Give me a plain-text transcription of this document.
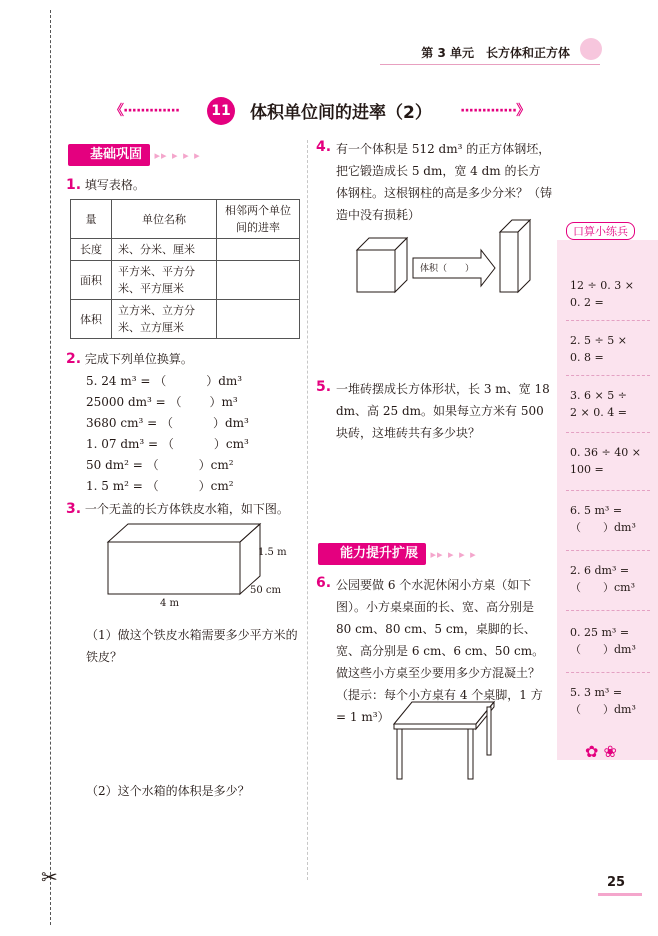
✂
第 3 单元 长方体和正方体
《·············	11 体积单位间的进率（2） ·············》
基础巩固 ▸▸ ▸ ▸ ▸
1. 填写表格。
量	单位名称	相邻两个单位间的进率
长度	米、分米、厘米	
面积	平方米、平方分米、平方厘米	
体积	立方米、立方分米、立方厘米	
2. 完成下列单位换算。
5. 24 m³ = （	）dm³
25000 dm³ = （ ）m³
3680 cm³ = （	）dm³
1. 07 dm³ = （	）cm³
50 dm² = （	）cm²
1. 5 m² = （	）cm²
3. 一个无盖的长方体铁皮水箱，如下图。
1.5 m
50 cm
4 m
（1）做这个铁皮水箱需要多少平方米的铁皮？
（2）这个水箱的体积是多少？
4. 有一个体积是 512 dm³ 的正方体钢坯，把它锻造成长 5 dm，宽 4 dm 的长方体钢柱。这根钢柱的高是多少分米？（铸造中没有损耗）
体积（　　）
5. 一堆砖摆成长方体形状，长 3 m、宽 18 dm、高 25 dm。如果每立方米有 500 块砖，这堆砖共有多少块？
能力提升扩展 ▸▸ ▸ ▸ ▸
6. 公园要做 6 个水泥休闲小方桌（如下图）。小方桌桌面的长、宽、高分别是 80 cm、80 cm、5 cm，桌脚的长、宽、高分别是 6 cm、6 cm、50 cm。做这些小方桌至少要用多少方混凝土？（提示：每个小方桌有 4 个桌脚，1 方 = 1 m³）
口算小练兵
12 ÷ 0. 3 ×
0. 2 =
2. 5 ÷ 5 ×
0. 8 =
3. 6 × 5 ÷
2 × 0. 4 =
0. 36 ÷ 40 ×
100 =
6. 5 m³ =
（　　）dm³
2. 6 dm³ =
（　　）cm³
0. 25 m³ =
（　　）dm³
5. 3 m³ =
（　　）dm³
✿ ❀
25
